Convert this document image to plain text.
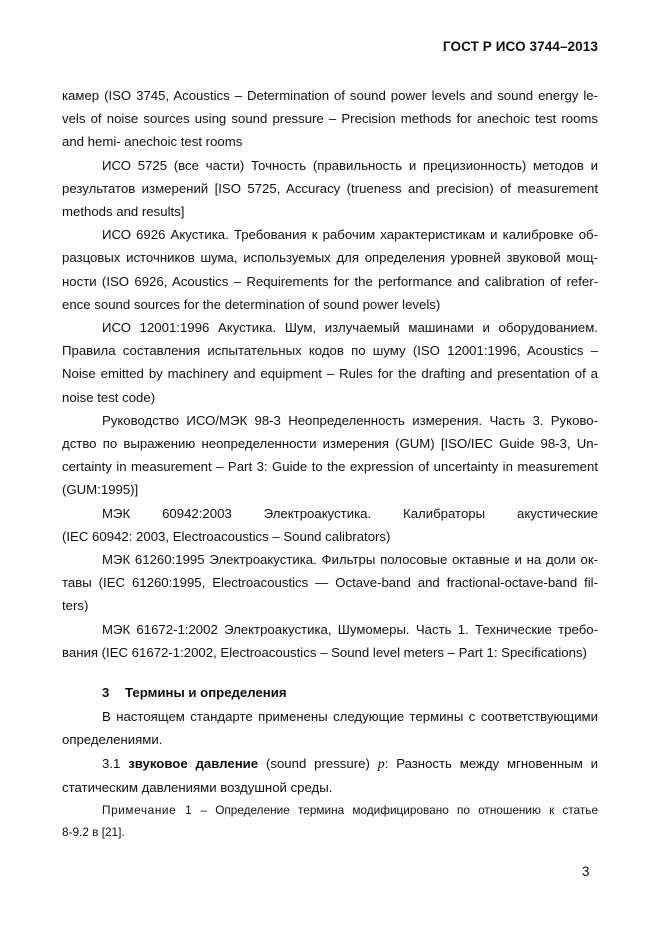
ГОСТ Р ИСО 3744–2013
камер (ISO 3745, Acoustics – Determination of sound power levels and sound energy le-
vels of noise sources using sound pressure – Precision methods for anechoic test rooms
and hemi- anechoic test rooms
ИСО 5725 (все части) Точность (правильность и прецизионность) методов и
результатов измерений [ISO 5725, Accuracy (trueness and precision) of measurement
methods and results]
ИСО 6926 Акустика. Требования к рабочим характеристикам и калибровке об-
разцовых источников шума, используемых для определения уровней звуковой мощ-
ности (ISO 6926, Acoustics – Requirements for the performance and calibration of refer-
ence sound sources for the determination of sound power levels)
ИСО 12001:1996 Акустика. Шум, излучаемый машинами и оборудованием.
Правила составления испытательных кодов по шуму (ISO 12001:1996, Acoustics –
Noise emitted by machinery and equipment – Rules for the drafting and presentation of a
noise test code)
Руководство ИСО/МЭК 98-3 Неопределенность измерения. Часть 3. Руково-
дство по выражению неопределенности измерения (GUM) [ISO/IEC Guide 98-3, Un-
certainty in measurement – Part 3: Guide to the expression of uncertainty in measurement
(GUM:1995)]
МЭК 60942:2003 Электроакустика. Калибраторы акустические
(IEC 60942: 2003, Electroacoustics – Sound calibrators)
МЭК 61260:1995 Электроакустика. Фильтры полосовые октавные и на доли ок-
тавы (IEC 61260:1995, Electroacoustics — Octave-band and fractional-octave-band fil-
ters)
МЭК 61672-1:2002 Электроакустика, Шумомеры. Часть 1. Технические требо-
вания (IEC 61672-1:2002, Electroacoustics – Sound level meters – Part 1: Specifications)
3 Термины и определения
В настоящем стандарте применены следующие термины с соответствующими
определениями.
3.1 звуковое давление (sound pressure) p: Разность между мгновенным и
статическим давлениями воздушной среды.
Примечание 1 – Определение термина модифицировано по отношению к статье
8-9.2 в [21].
3
